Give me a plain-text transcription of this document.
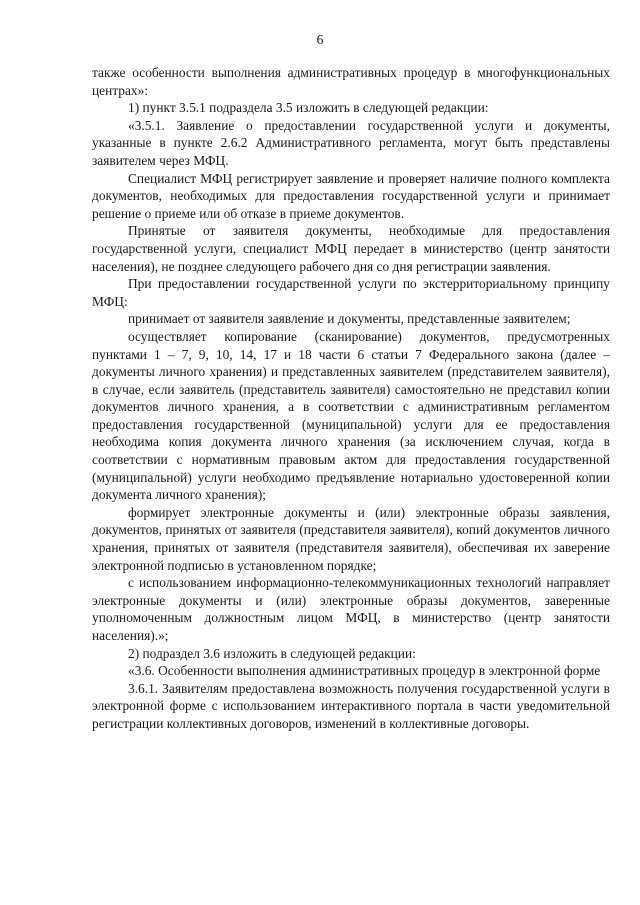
6

также особенности выполнения административных процедур в многофункциональных центрах»:

1) пункт 3.5.1 подраздела 3.5 изложить в следующей редакции:

«3.5.1. Заявление о предоставлении государственной услуги и документы, указанные в пункте 2.6.2 Административного регламента, могут быть представлены заявителем через МФЦ.

Специалист МФЦ регистрирует заявление и проверяет наличие полного комплекта документов, необходимых для предоставления государственной услуги и принимает решение о приеме или об отказе в приеме документов.

Принятые от заявителя документы, необходимые для предоставления государственной услуги, специалист МФЦ передает в министерство (центр занятости населения), не позднее следующего рабочего дня со дня регистрации заявления.

При предоставлении государственной услуги по экстерриториальному принципу МФЦ:

принимает от заявителя заявление и документы, представленные заявителем;

осуществляет копирование (сканирование) документов, предусмотренных пунктами 1 – 7, 9, 10, 14, 17 и 18 части 6 статьи 7 Федерального закона (далее – документы личного хранения) и представленных заявителем (представителем заявителя), в случае, если заявитель (представитель заявителя) самостоятельно не представил копии документов личного хранения, а в соответствии с административным регламентом предоставления государственной (муниципальной) услуги для ее предоставления необходима копия документа личного хранения (за исключением случая, когда в соответствии с нормативным правовым актом для предоставления государственной (муниципальной) услуги необходимо предъявление нотариально удостоверенной копии документа личного хранения);

формирует электронные документы и (или) электронные образы заявления, документов, принятых от заявителя (представителя заявителя), копий документов личного хранения, принятых от заявителя (представителя заявителя), обеспечивая их заверение электронной подписью в установленном порядке;

с использованием информационно-телекоммуникационных технологий направляет электронные документы и (или) электронные образы документов, заверенные уполномоченным должностным лицом МФЦ, в министерство (центр занятости населения).»;

2) подраздел 3.6 изложить в следующей редакции:

«3.6. Особенности выполнения административных процедур в электронной форме

3.6.1. Заявителям предоставлена возможность получения государственной услуги в электронной форме с использованием интерактивного портала в части уведомительной регистрации коллективных договоров, изменений в коллективные договоры.
